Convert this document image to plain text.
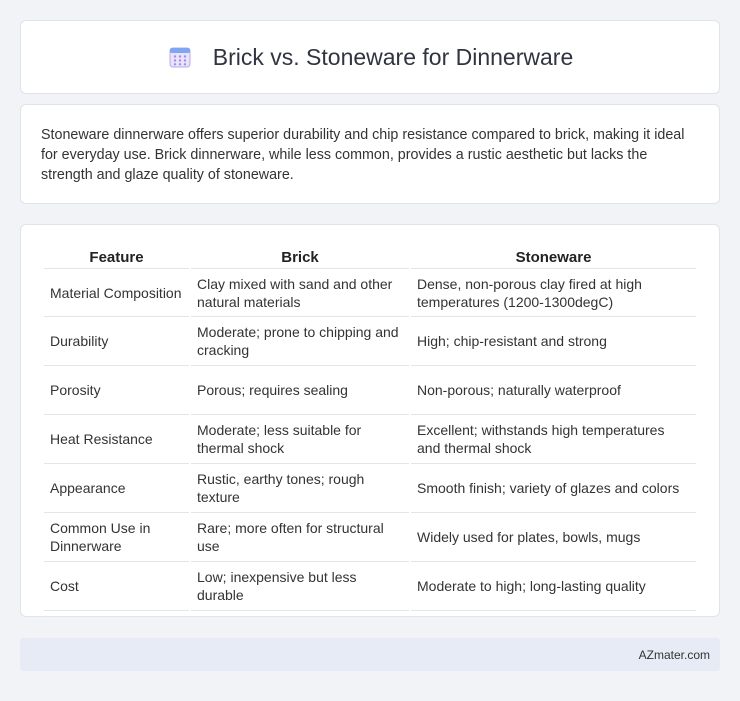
Brick vs. Stoneware for Dinnerware

Stoneware dinnerware offers superior durability and chip resistance compared to brick, making it ideal for everyday use. Brick dinnerware, while less common, provides a rustic aesthetic but lacks the strength and glaze quality of stoneware.

Feature	Brick	Stoneware
Material Composition	Clay mixed with sand and other natural materials	Dense, non-porous clay fired at high temperatures (1200-1300degC)
Durability	Moderate; prone to chipping and cracking	High; chip-resistant and strong
Porosity	Porous; requires sealing	Non-porous; naturally waterproof
Heat Resistance	Moderate; less suitable for thermal shock	Excellent; withstands high temperatures and thermal shock
Appearance	Rustic, earthy tones; rough texture	Smooth finish; variety of glazes and colors
Common Use in Dinnerware	Rare; more often for structural use	Widely used for plates, bowls, mugs
Cost	Low; inexpensive but less durable	Moderate to high; long-lasting quality
AZmater.com
